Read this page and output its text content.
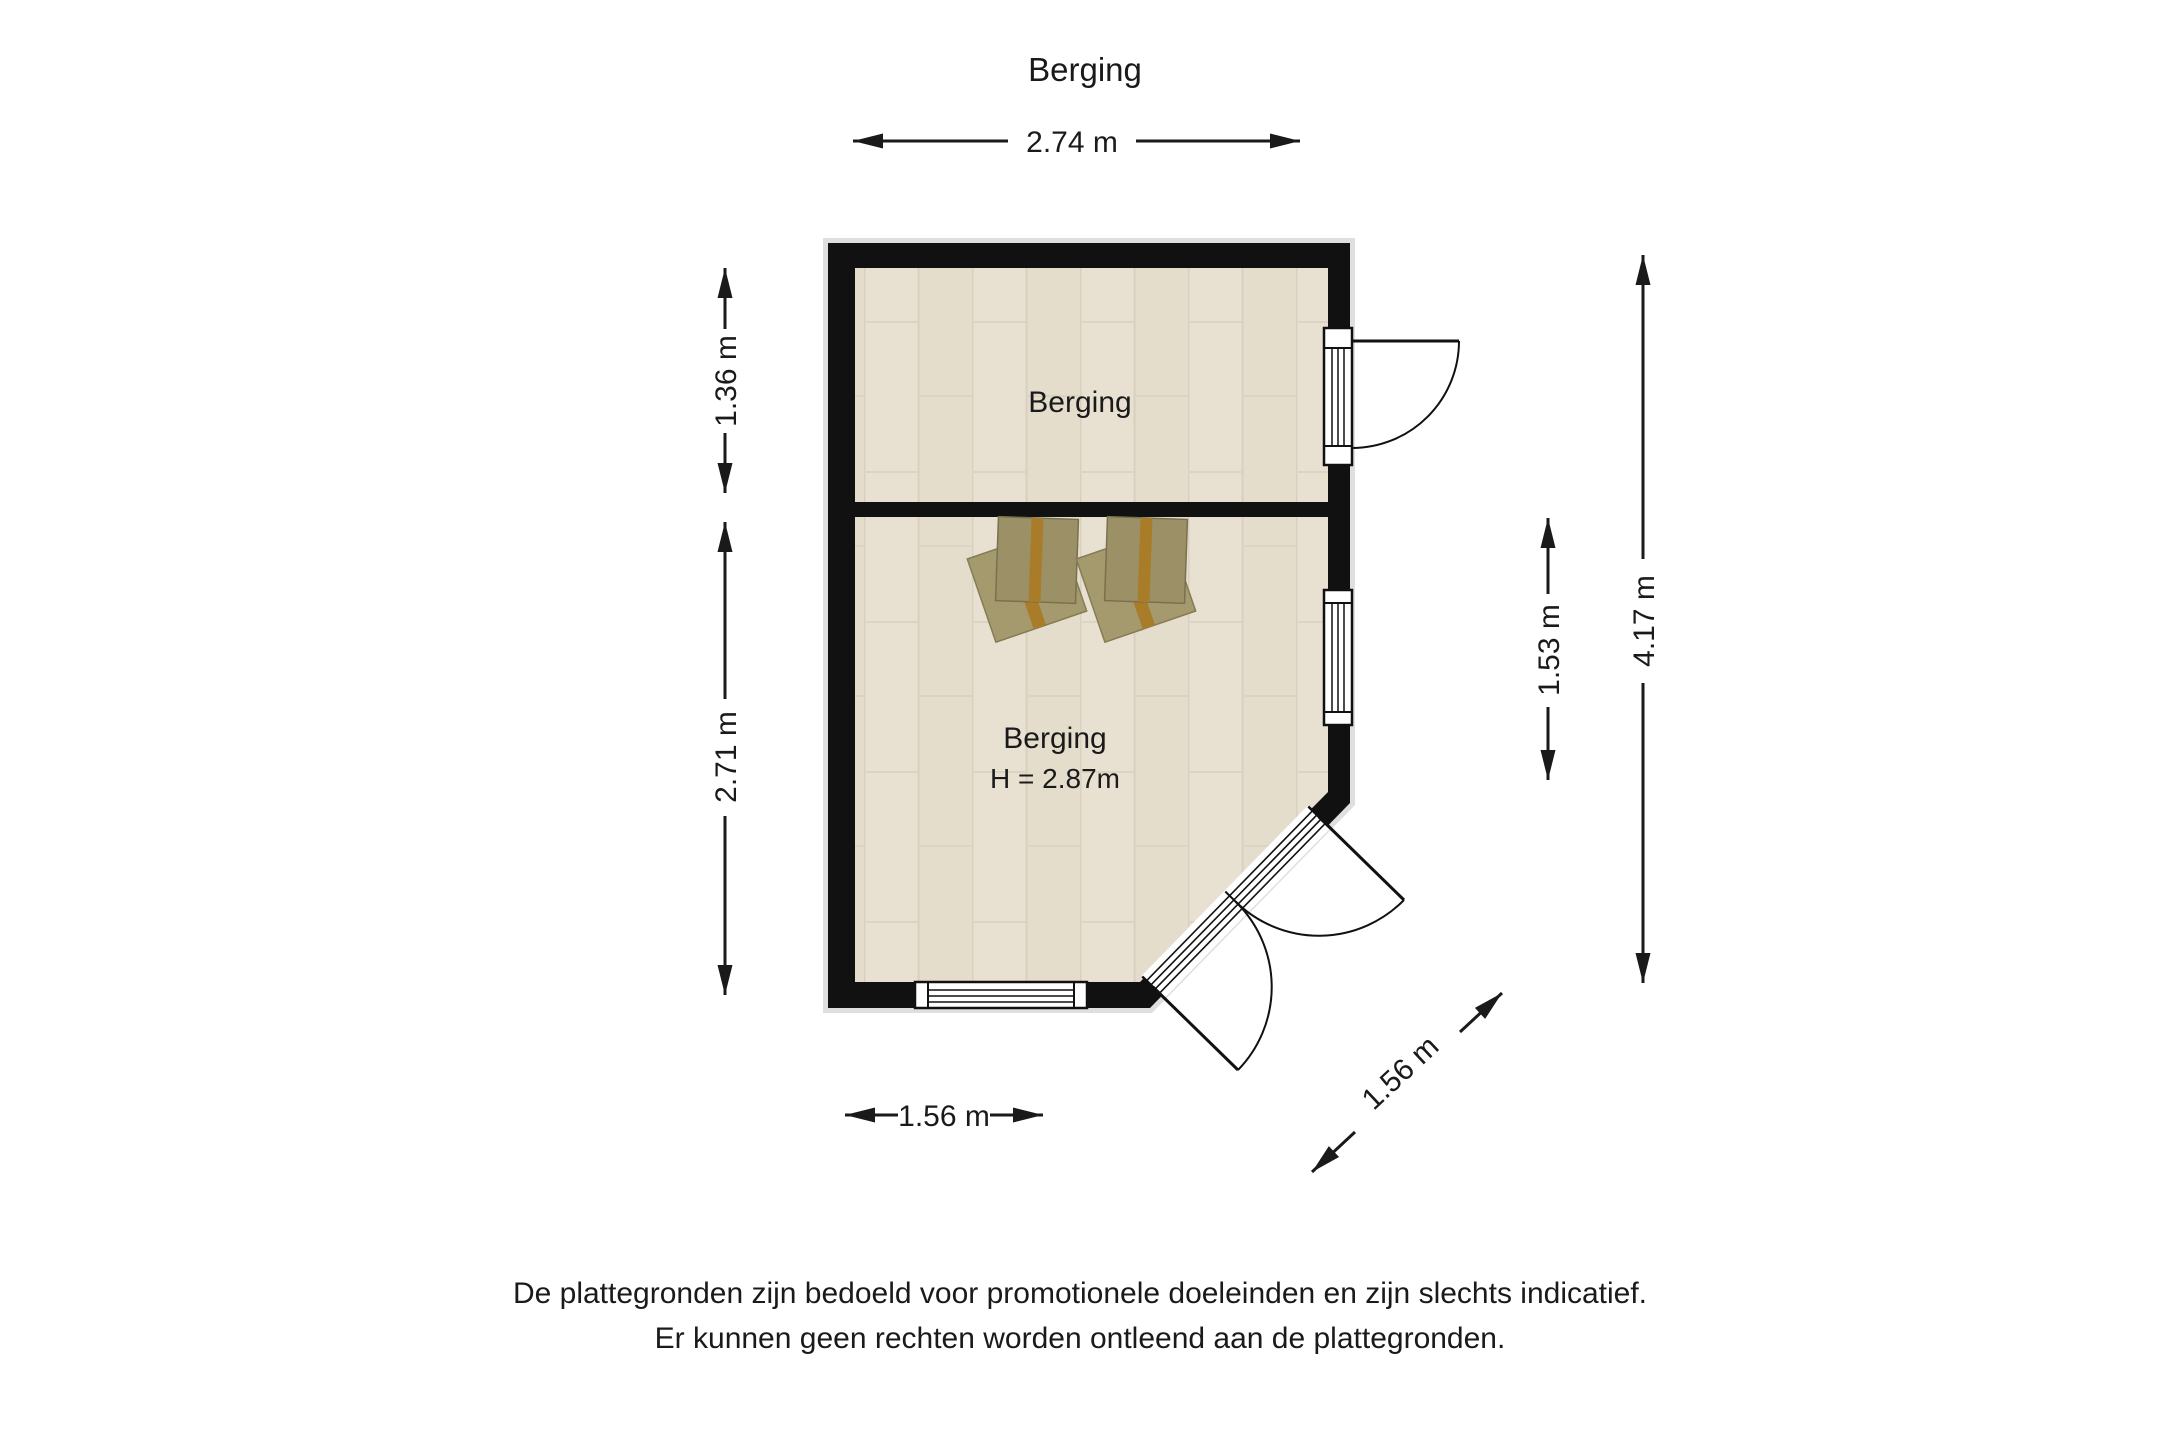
Berging
Berging
Berging
H = 2.87m
2.74 m
1.36 m
2.71 m
1.53 m 4.17 m
1.56 m
1.56 m
De plattegronden zijn bedoeld voor promotionele doeleinden en zijn slechts indicatief.
Er kunnen geen rechten worden ontleend aan de plattegronden.
